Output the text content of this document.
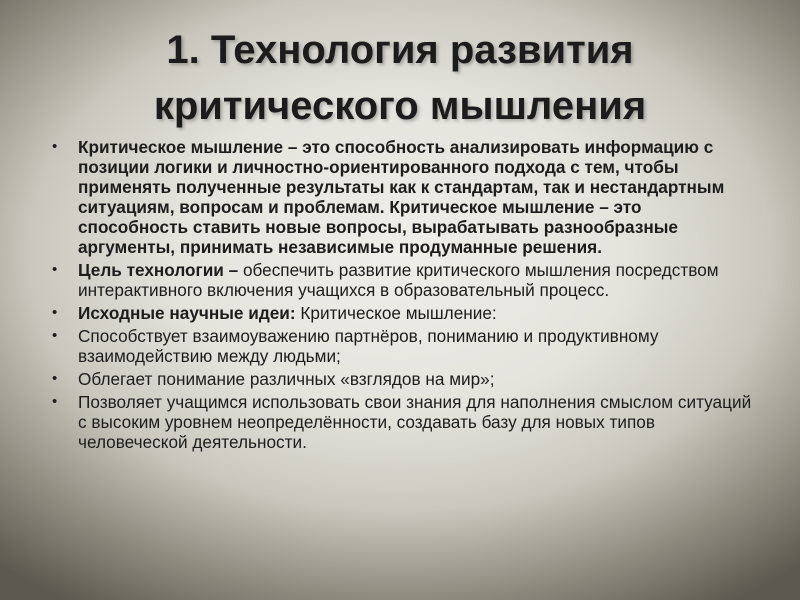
1. Технология развития
критического мышления
•	Критическое мышление – это способность анализировать информацию с позиции логики и личностно-ориентированного подхода с тем, чтобы применять полученные результаты как к стандартам, так и нестандартным ситуациям, вопросам и проблемам. Критическое мышление – это способность ставить новые вопросы, вырабатывать разнообразные аргументы, принимать независимые продуманные решения.
•	Цель технологии – обеспечить развитие критического мышления посредством интерактивного включения учащихся в образовательный процесс.
•	Исходные научные идеи: Критическое мышление:
•	Способствует взаимоуважению партнёров, пониманию и продуктивному взаимодействию между людьми;
•	Облегает понимание различных «взглядов на мир»;
•	Позволяет учащимся использовать свои знания для наполнения смыслом ситуаций с высоким уровнем неопределённости, создавать базу для новых типов человеческой деятельности.
